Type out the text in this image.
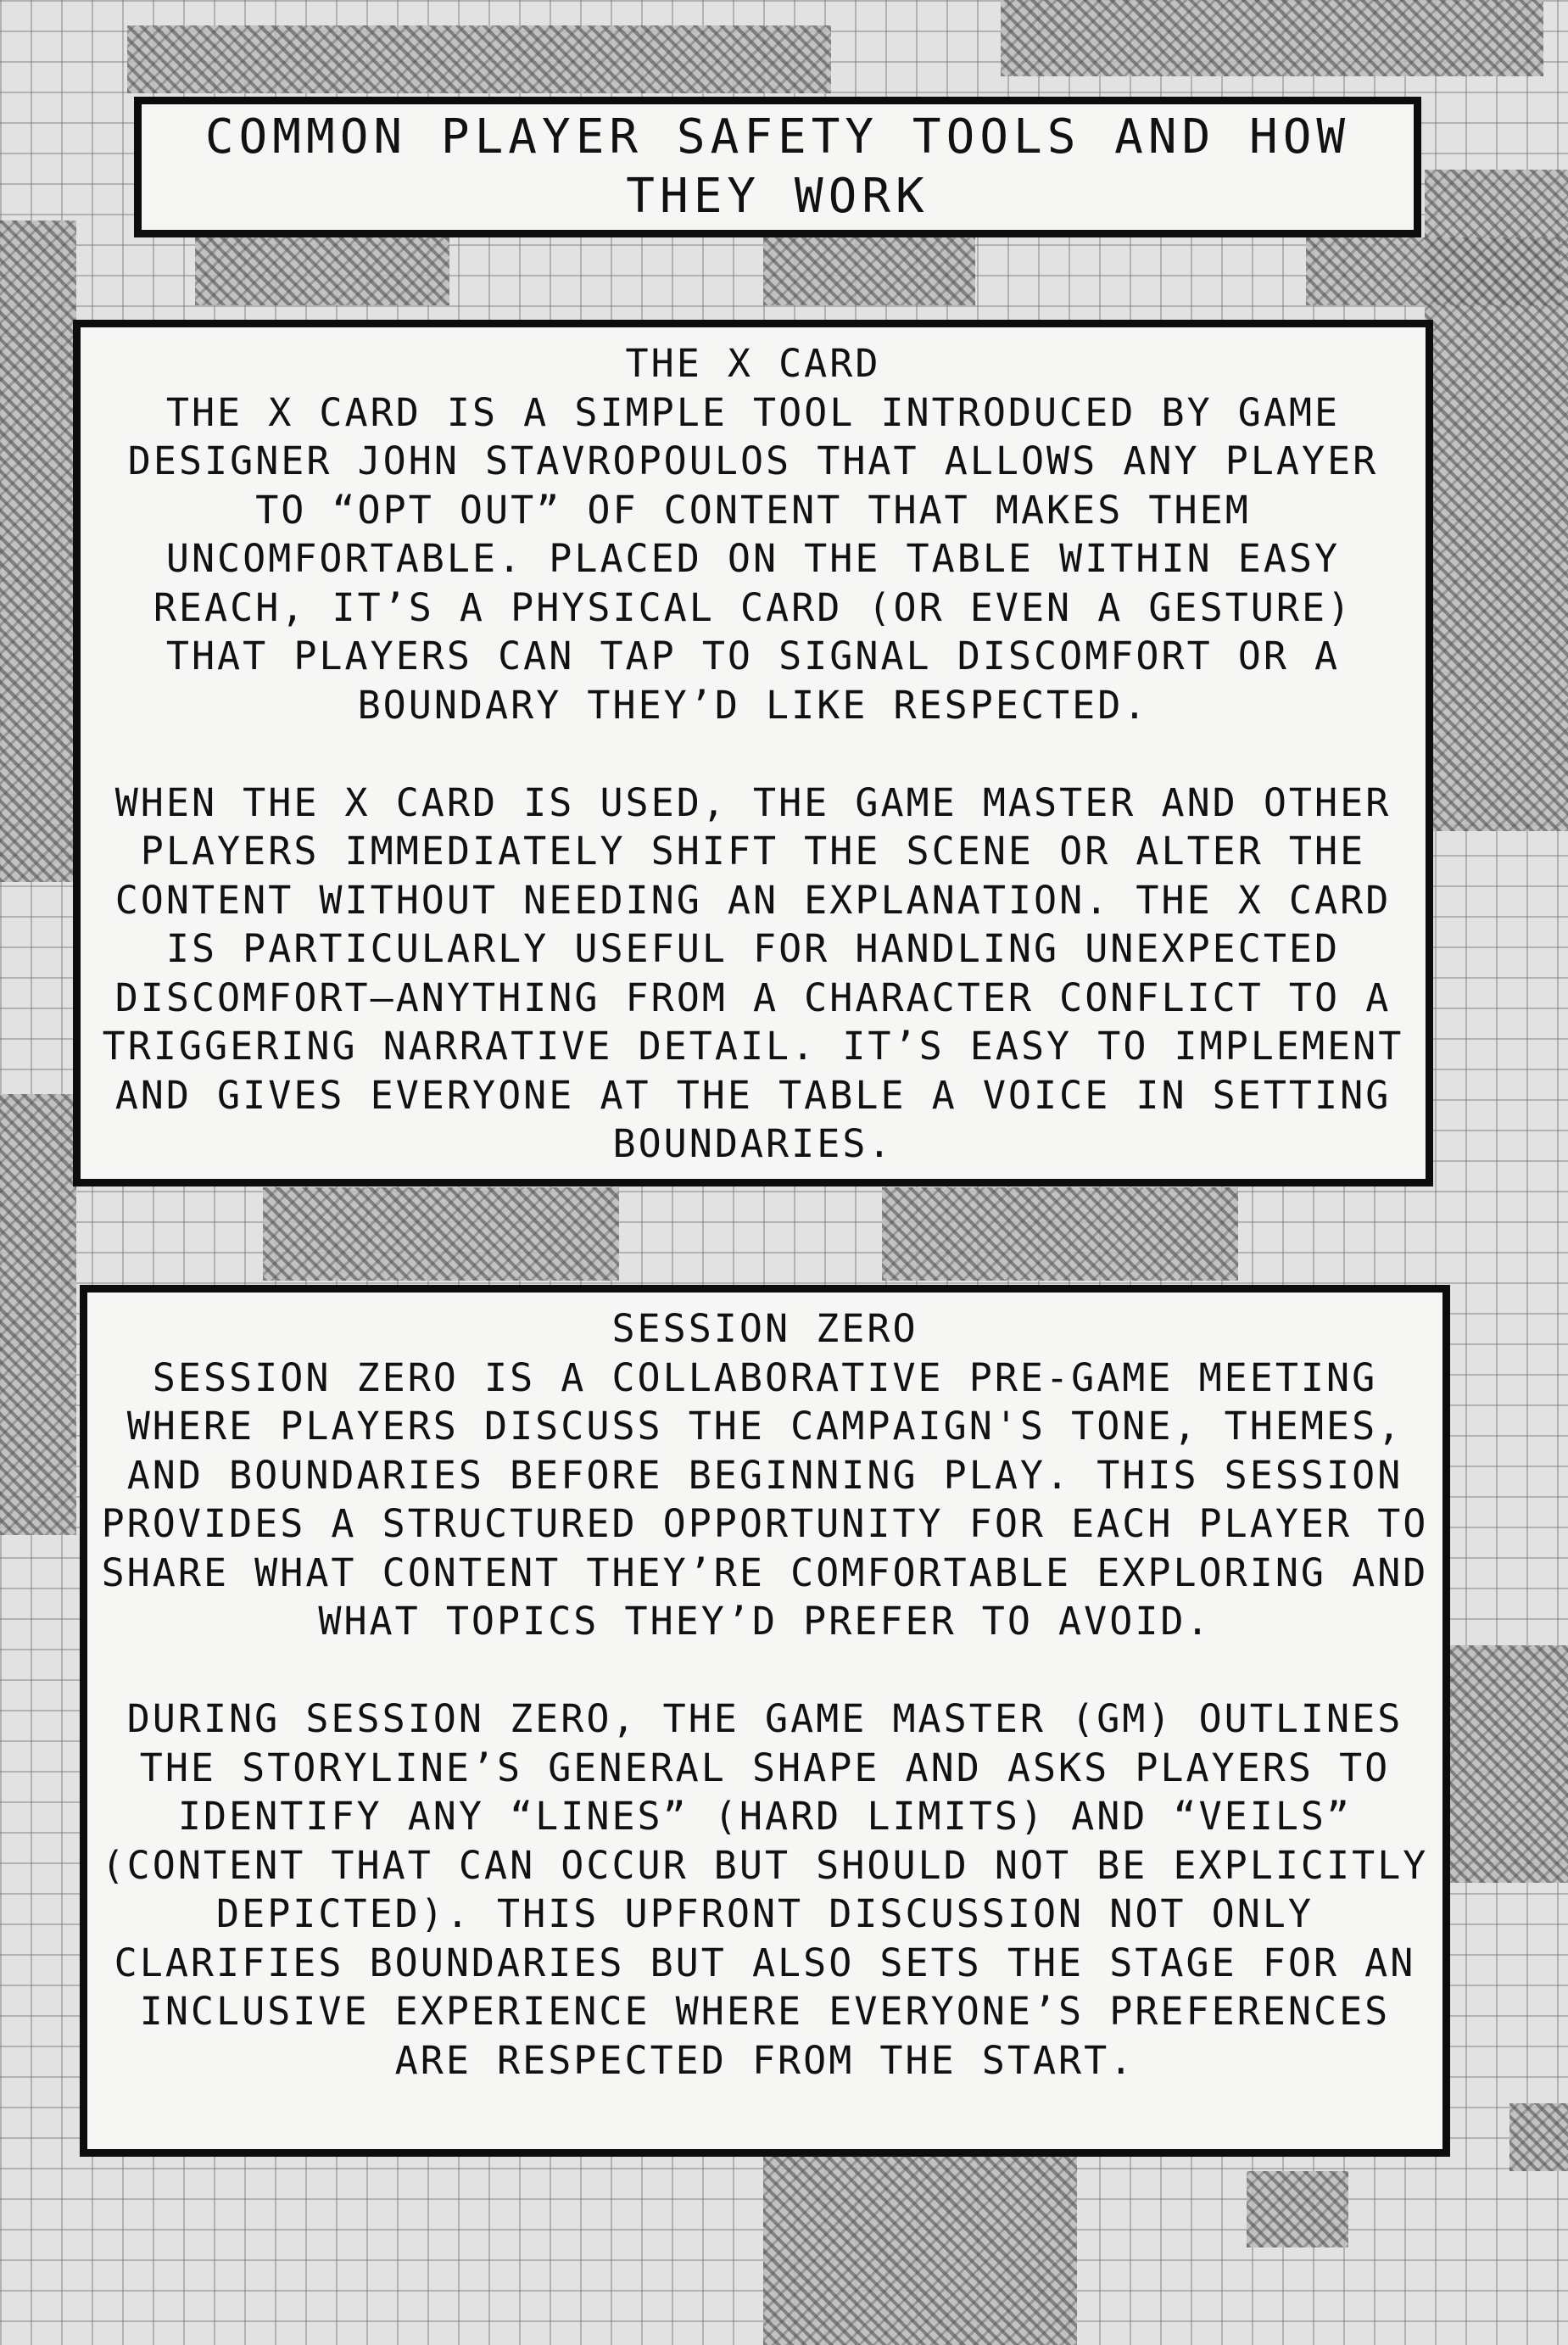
COMMON PLAYER SAFETY TOOLS AND HOW THEY WORK
THE X CARD

THE X CARD IS A SIMPLE TOOL INTRODUCED BY GAME DESIGNER JOHN STAVROPOULOS THAT ALLOWS ANY PLAYER TO “OPT OUT” OF CONTENT THAT MAKES THEM UNCOMFORTABLE. PLACED ON THE TABLE WITHIN EASY REACH, IT’S A PHYSICAL CARD (OR EVEN A GESTURE) THAT PLAYERS CAN TAP TO SIGNAL DISCOMFORT OR A BOUNDARY THEY’D LIKE RESPECTED.

WHEN THE X CARD IS USED, THE GAME MASTER AND OTHER PLAYERS IMMEDIATELY SHIFT THE SCENE OR ALTER THE CONTENT WITHOUT NEEDING AN EXPLANATION. THE X CARD IS PARTICULARLY USEFUL FOR HANDLING UNEXPECTED DISCOMFORT—ANYTHING FROM A CHARACTER CONFLICT TO A TRIGGERING NARRATIVE DETAIL. IT’S EASY TO IMPLEMENT AND GIVES EVERYONE AT THE TABLE A VOICE IN SETTING BOUNDARIES.

SESSION ZERO

SESSION ZERO IS A COLLABORATIVE PRE-GAME MEETING WHERE PLAYERS DISCUSS THE CAMPAIGN'S TONE, THEMES, AND BOUNDARIES BEFORE BEGINNING PLAY. THIS SESSION PROVIDES A STRUCTURED OPPORTUNITY FOR EACH PLAYER TO SHARE WHAT CONTENT THEY’RE COMFORTABLE EXPLORING AND WHAT TOPICS THEY’D PREFER TO AVOID.

DURING SESSION ZERO, THE GAME MASTER (GM) OUTLINES THE STORYLINE’S GENERAL SHAPE AND ASKS PLAYERS TO IDENTIFY ANY “LINES” (HARD LIMITS) AND “VEILS” (CONTENT THAT CAN OCCUR BUT SHOULD NOT BE EXPLICITLY DEPICTED). THIS UPFRONT DISCUSSION NOT ONLY CLARIFIES BOUNDARIES BUT ALSO SETS THE STAGE FOR AN INCLUSIVE EXPERIENCE WHERE EVERYONE’S PREFERENCES ARE RESPECTED FROM THE START.
